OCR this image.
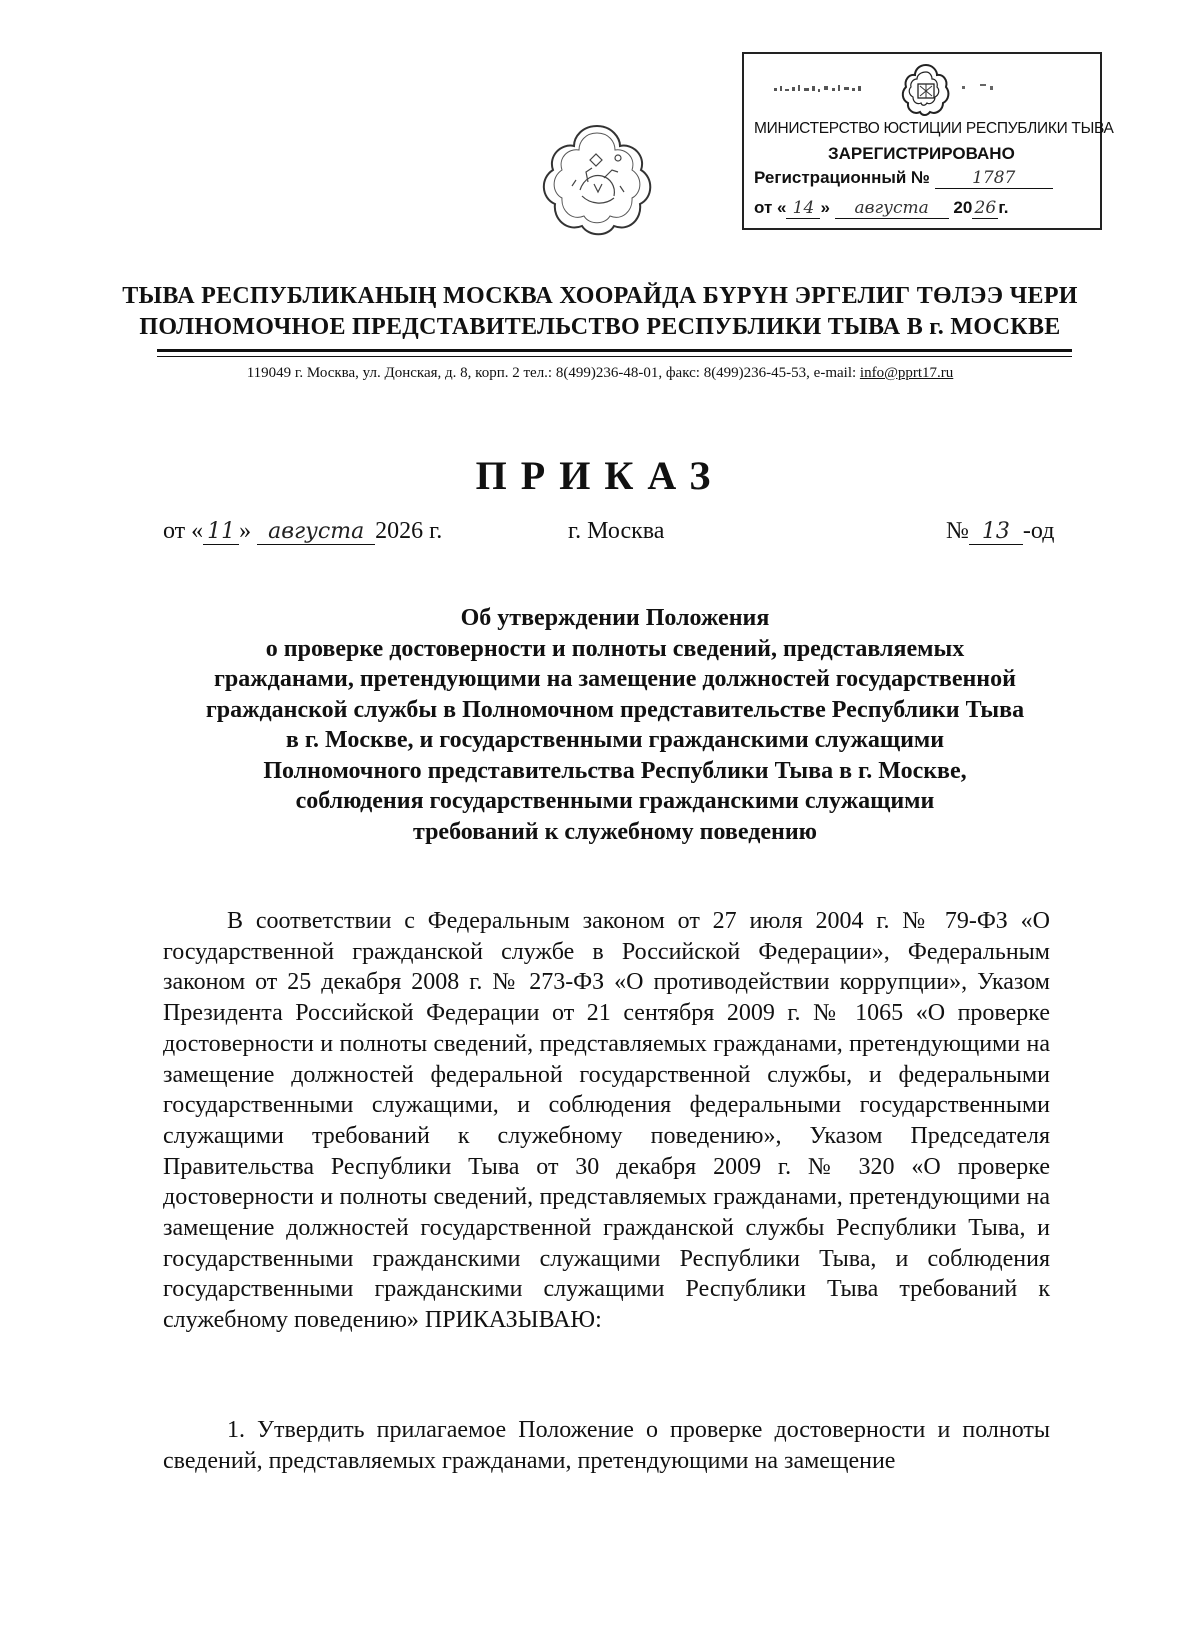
МИНИСТЕРСТВО ЮСТИЦИИ РЕСПУБЛИКИ ТЫВА
ЗАРЕГИСТРИРОВАНО
Регистрационный № 1787
от « 14 » августа 20 26 г.
ТЫВА РЕСПУБЛИКАНЫҢ МОСКВА ХООРАЙДА БҮРҮН ЭРГЕЛИГ ТӨЛЭЭ ЧЕРИ
ПОЛНОМОЧНОЕ ПРЕДСТАВИТЕЛЬСТВО РЕСПУБЛИКИ ТЫВА В г. МОСКВЕ
119049 г. Москва, ул. Донская, д. 8, корп. 2 тел.: 8(499)236-48-01, факс: 8(499)236-45-53, e-mail: info@pprt17.ru
ПРИКАЗ
от « 11 » августа 2026 г.	г. Москва	№ 13 -од
Об утверждении Положения
о проверке достоверности и полноты сведений, представляемых
гражданами, претендующими на замещение должностей государственной
гражданской службы в Полномочном представительстве Республики Тыва
в г. Москве, и государственными гражданскими служащими
Полномочного представительства Республики Тыва в г. Москве,
соблюдения государственными гражданскими служащими
требований к служебному поведению

В соответствии с Федеральным законом от 27 июля 2004 г. № 79-ФЗ «О государственной гражданской службе в Российской Федерации», Федеральным законом от 25 декабря 2008 г. № 273-ФЗ «О противодействии коррупции», Указом Президента Российской Федерации от 21 сентября 2009 г. № 1065 «О проверке достоверности и полноты сведений, представляемых гражданами, претендующими на замещение должностей федеральной государственной службы, и федеральными государственными служащими, и соблюдения федеральными государственными служащими требований к служебному поведению», Указом Председателя Правительства Республики Тыва от 30 декабря 2009 г. № 320 «О проверке достоверности и полноты сведений, представляемых гражданами, претендующими на замещение должностей государственной гражданской службы Республики Тыва, и государственными гражданскими служащими Республики Тыва, и соблюдения государственными гражданскими служащими Республики Тыва требований к служебному поведению» ПРИКАЗЫВАЮ:

1. Утвердить прилагаемое Положение о проверке достоверности и полноты сведений, представляемых гражданами, претендующими на замещение
